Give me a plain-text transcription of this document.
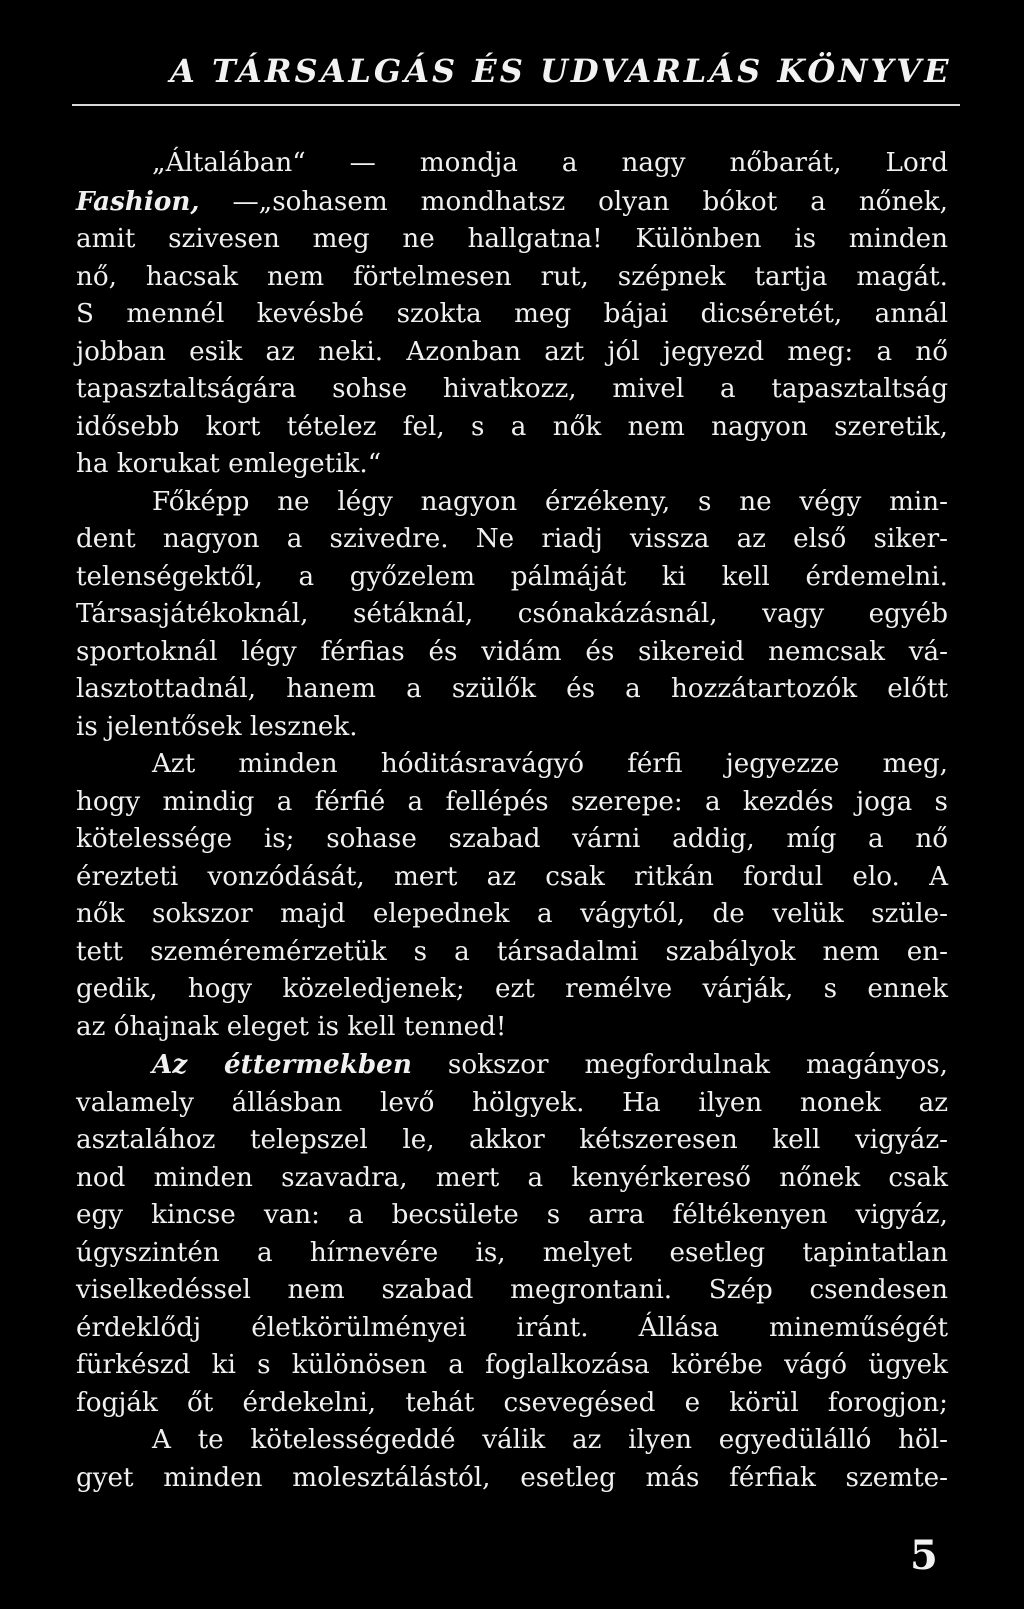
A TÁRSALGÁS ÉS UDVARLÁS KÖNYVE
„Általában“ — mondja a nagy nőbarát, Lord
Fashion, —„sohasem mondhatsz olyan bókot a nőnek,
amit szivesen meg ne hallgatna! Különben is minden
nő, hacsak nem förtelmesen rut, szépnek tartja magát.
S mennél kevésbé szokta meg bájai dicséretét, annál
jobban esik az neki. Azonban azt jól jegyezd meg: a nő
tapasztaltságára sohse hivatkozz, mivel a tapasztaltság
idősebb kort tételez fel, s a nők nem nagyon szeretik,
ha korukat emlegetik.“
Főképp ne légy nagyon érzékeny, s ne végy min-
dent nagyon a szivedre. Ne riadj vissza az első siker-
telenségektől, a győzelem pálmáját ki kell érdemelni.
Társasjátékoknál, sétáknál, csónakázásnál, vagy egyéb
sportoknál légy férfias és vidám és sikereid nemcsak vá-
lasztottadnál, hanem a szülők és a hozzátartozók előtt
is jelentősek lesznek.
Azt minden hóditásravágyó férfi jegyezze meg,
hogy mindig a férfié a fellépés szerepe: a kezdés joga s
kötelessége is; sohase szabad várni addig, míg a nő
érezteti vonzódását, mert az csak ritkán fordul elo. A
nők sokszor majd elepednek a vágytól, de velük szüle-
tett szeméremérzetük s a társadalmi szabályok nem en-
gedik, hogy közeledjenek; ezt remélve várják, s ennek
az óhajnak eleget is kell tenned!
Az éttermekben sokszor megfordulnak magányos,
valamely állásban levő hölgyek. Ha ilyen nonek az
asztalához telepszel le, akkor kétszeresen kell vigyáz-
nod minden szavadra, mert a kenyérkereső nőnek csak
egy kincse van: a becsülete s arra féltékenyen vigyáz,
úgyszintén a hírnevére is, melyet esetleg tapintatlan
viselkedéssel nem szabad megrontani. Szép csendesen
érdeklődj életkörülményei iránt. Állása mineműségét
fürkészd ki s különösen a foglalkozása körébe vágó ügyek
fogják őt érdekelni, tehát csevegésed e körül forogjon;
A te kötelességeddé válik az ilyen egyedülálló höl-
gyet minden molesztálástól, esetleg más férfiak szemte-
5
